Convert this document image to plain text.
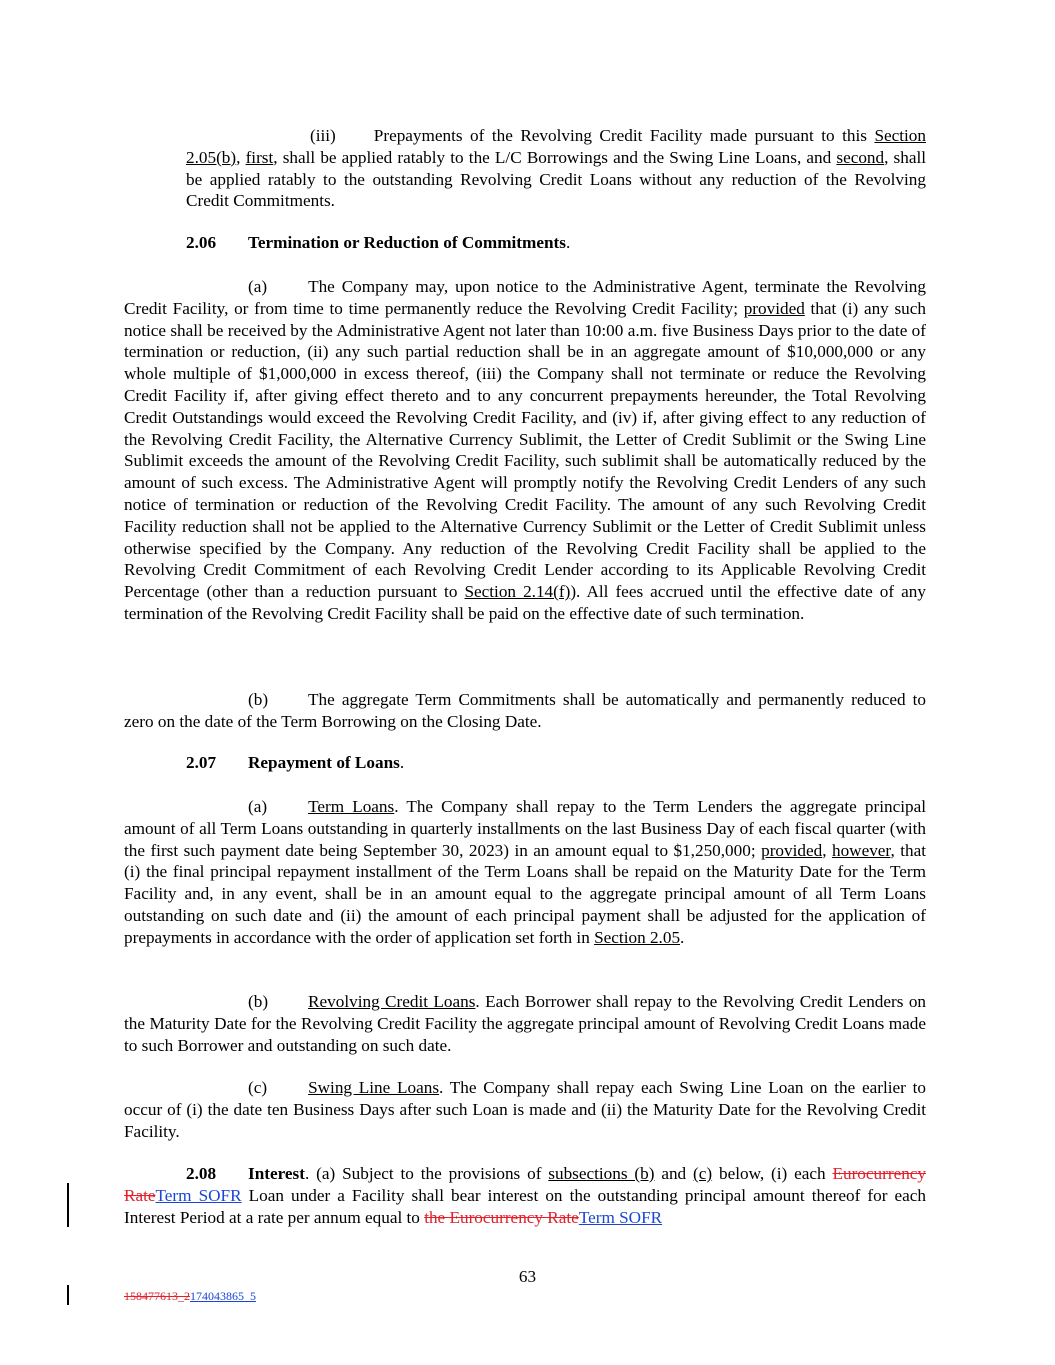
(iii) Prepayments of the Revolving Credit Facility made pursuant to this Section 2.05(b), first, shall be applied ratably to the L/C Borrowings and the Swing Line Loans, and second, shall be applied ratably to the outstanding Revolving Credit Loans without any reduction of the Revolving Credit Commitments.

2.06 Termination or Reduction of Commitments.

(a) The Company may, upon notice to the Administrative Agent, terminate the Revolving Credit Facility, or from time to time permanently reduce the Revolving Credit Facility; provided that (i) any such notice shall be received by the Administrative Agent not later than 10:00 a.m. five Business Days prior to the date of termination or reduction, (ii) any such partial reduction shall be in an aggregate amount of $10,000,000 or any whole multiple of $1,000,000 in excess thereof, (iii) the Company shall not terminate or reduce the Revolving Credit Facility if, after giving effect thereto and to any concurrent prepayments hereunder, the Total Revolving Credit Outstandings would exceed the Revolving Credit Facility, and (iv) if, after giving effect to any reduction of the Revolving Credit Facility, the Alternative Currency Sublimit, the Letter of Credit Sublimit or the Swing Line Sublimit exceeds the amount of the Revolving Credit Facility, such sublimit shall be automatically reduced by the amount of such excess. The Administrative Agent will promptly notify the Revolving Credit Lenders of any such notice of termination or reduction of the Revolving Credit Facility. The amount of any such Revolving Credit Facility reduction shall not be applied to the Alternative Currency Sublimit or the Letter of Credit Sublimit unless otherwise specified by the Company. Any reduction of the Revolving Credit Facility shall be applied to the Revolving Credit Commitment of each Revolving Credit Lender according to its Applicable Revolving Credit Percentage (other than a reduction pursuant to Section 2.14(f)). All fees accrued until the effective date of any termination of the Revolving Credit Facility shall be paid on the effective date of such termination.

(b) The aggregate Term Commitments shall be automatically and permanently reduced to zero on the date of the Term Borrowing on the Closing Date.

2.07 Repayment of Loans.

(a) Term Loans. The Company shall repay to the Term Lenders the aggregate principal amount of all Term Loans outstanding in quarterly installments on the last Business Day of each fiscal quarter (with the first such payment date being September 30, 2023) in an amount equal to $1,250,000; provided, however, that (i) the final principal repayment installment of the Term Loans shall be repaid on the Maturity Date for the Term Facility and, in any event, shall be in an amount equal to the aggregate principal amount of all Term Loans outstanding on such date and (ii) the amount of each principal payment shall be adjusted for the application of prepayments in accordance with the order of application set forth in Section 2.05.

(b) Revolving Credit Loans. Each Borrower shall repay to the Revolving Credit Lenders on the Maturity Date for the Revolving Credit Facility the aggregate principal amount of Revolving Credit Loans made to such Borrower and outstanding on such date.

(c) Swing Line Loans. The Company shall repay each Swing Line Loan on the earlier to occur of (i) the date ten Business Days after such Loan is made and (ii) the Maturity Date for the Revolving Credit Facility.

2.08 Interest. (a) Subject to the provisions of subsections (b) and (c) below, (i) each Eurocurrency RateTerm SOFR Loan under a Facility shall bear interest on the outstanding principal amount thereof for each Interest Period at a rate per annum equal to the Eurocurrency RateTerm SOFR

63
158477613_2174043865_5
